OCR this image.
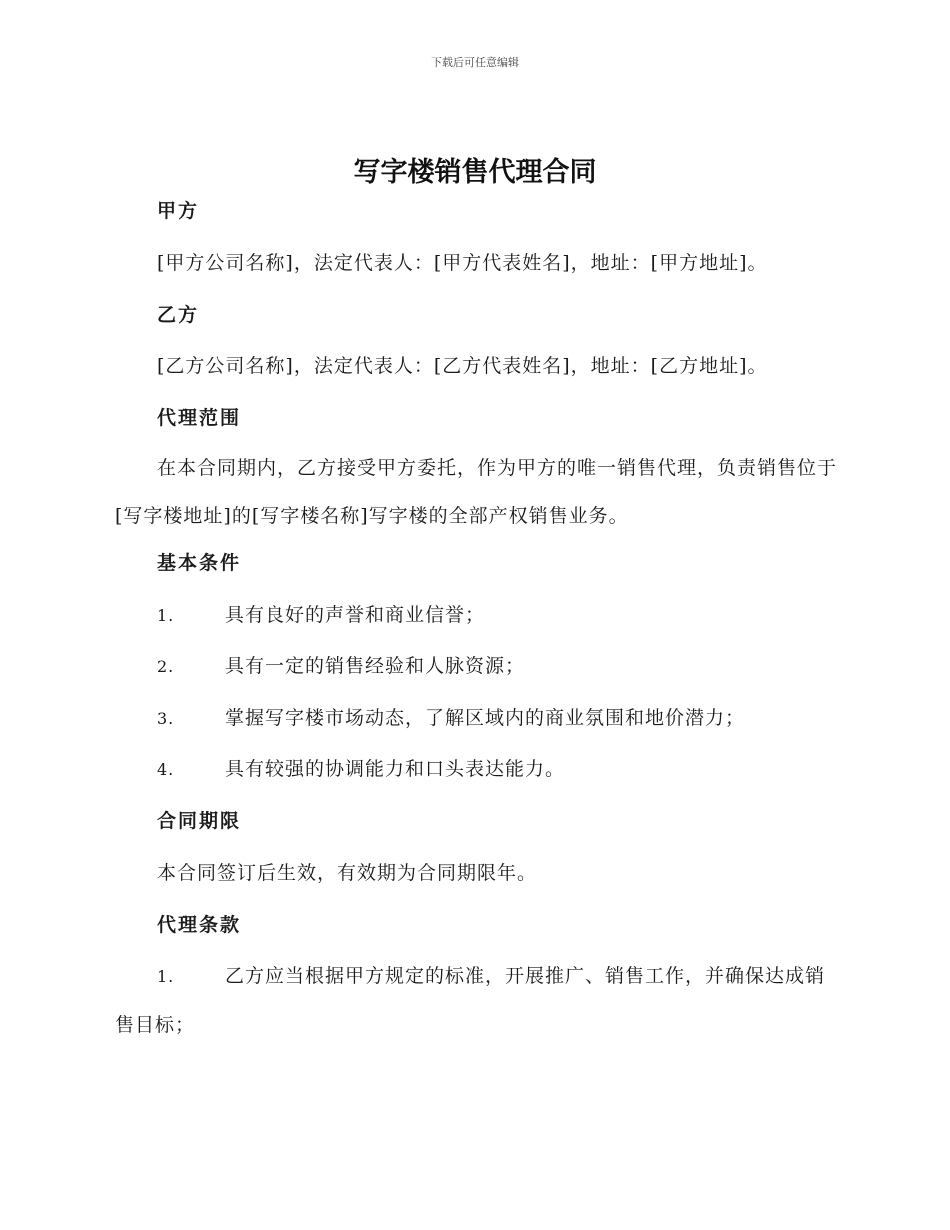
下载后可任意编辑
写字楼销售代理合同
甲方
[甲方公司名称]，法定代表人：[甲方代表姓名]，地址：[甲方地址]。
乙方
[乙方公司名称]，法定代表人：[乙方代表姓名]，地址：[乙方地址]。
代理范围
在本合同期内，乙方接受甲方委托，作为甲方的唯一销售代理，负责销售位于[写字楼地址]的[写字楼名称]写字楼的全部产权销售业务。
基本条件
1.	具有良好的声誉和商业信誉；
2.	具有一定的销售经验和人脉资源；
3.	掌握写字楼市场动态，了解区域内的商业氛围和地价潜力；
4.	具有较强的协调能力和口头表达能力。
合同期限
本合同签订后生效，有效期为合同期限年。
代理条款
1.	乙方应当根据甲方规定的标准，开展推广、销售工作，并确保达成销售目标；
